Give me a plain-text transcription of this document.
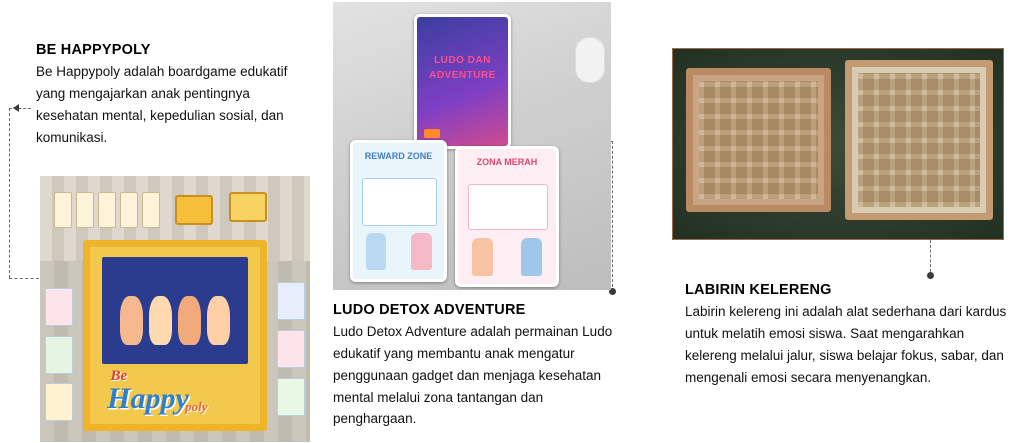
BE HAPPYPOLY

Be Happypoly adalah boardgame edukatif yang mengajarkan anak pentingnya kesehatan mental, kepedulian sosial, dan komunikasi.

Be
Happy
poly
LUDO DAN ADVENTURE
REWARD ZONE
ZONA MERAH
LUDO DETOX ADVENTURE

Ludo Detox Adventure adalah permainan Ludo edukatif yang membantu anak mengatur penggunaan gadget dan menjaga kesehatan mental melalui zona tantangan dan penghargaan.

LABIRIN KELERENG

Labirin kelereng ini adalah alat sederhana dari kardus untuk melatih emosi siswa. Saat mengarahkan kelereng melalui jalur, siswa belajar fokus, sabar, dan mengenali emosi secara menyenangkan.
